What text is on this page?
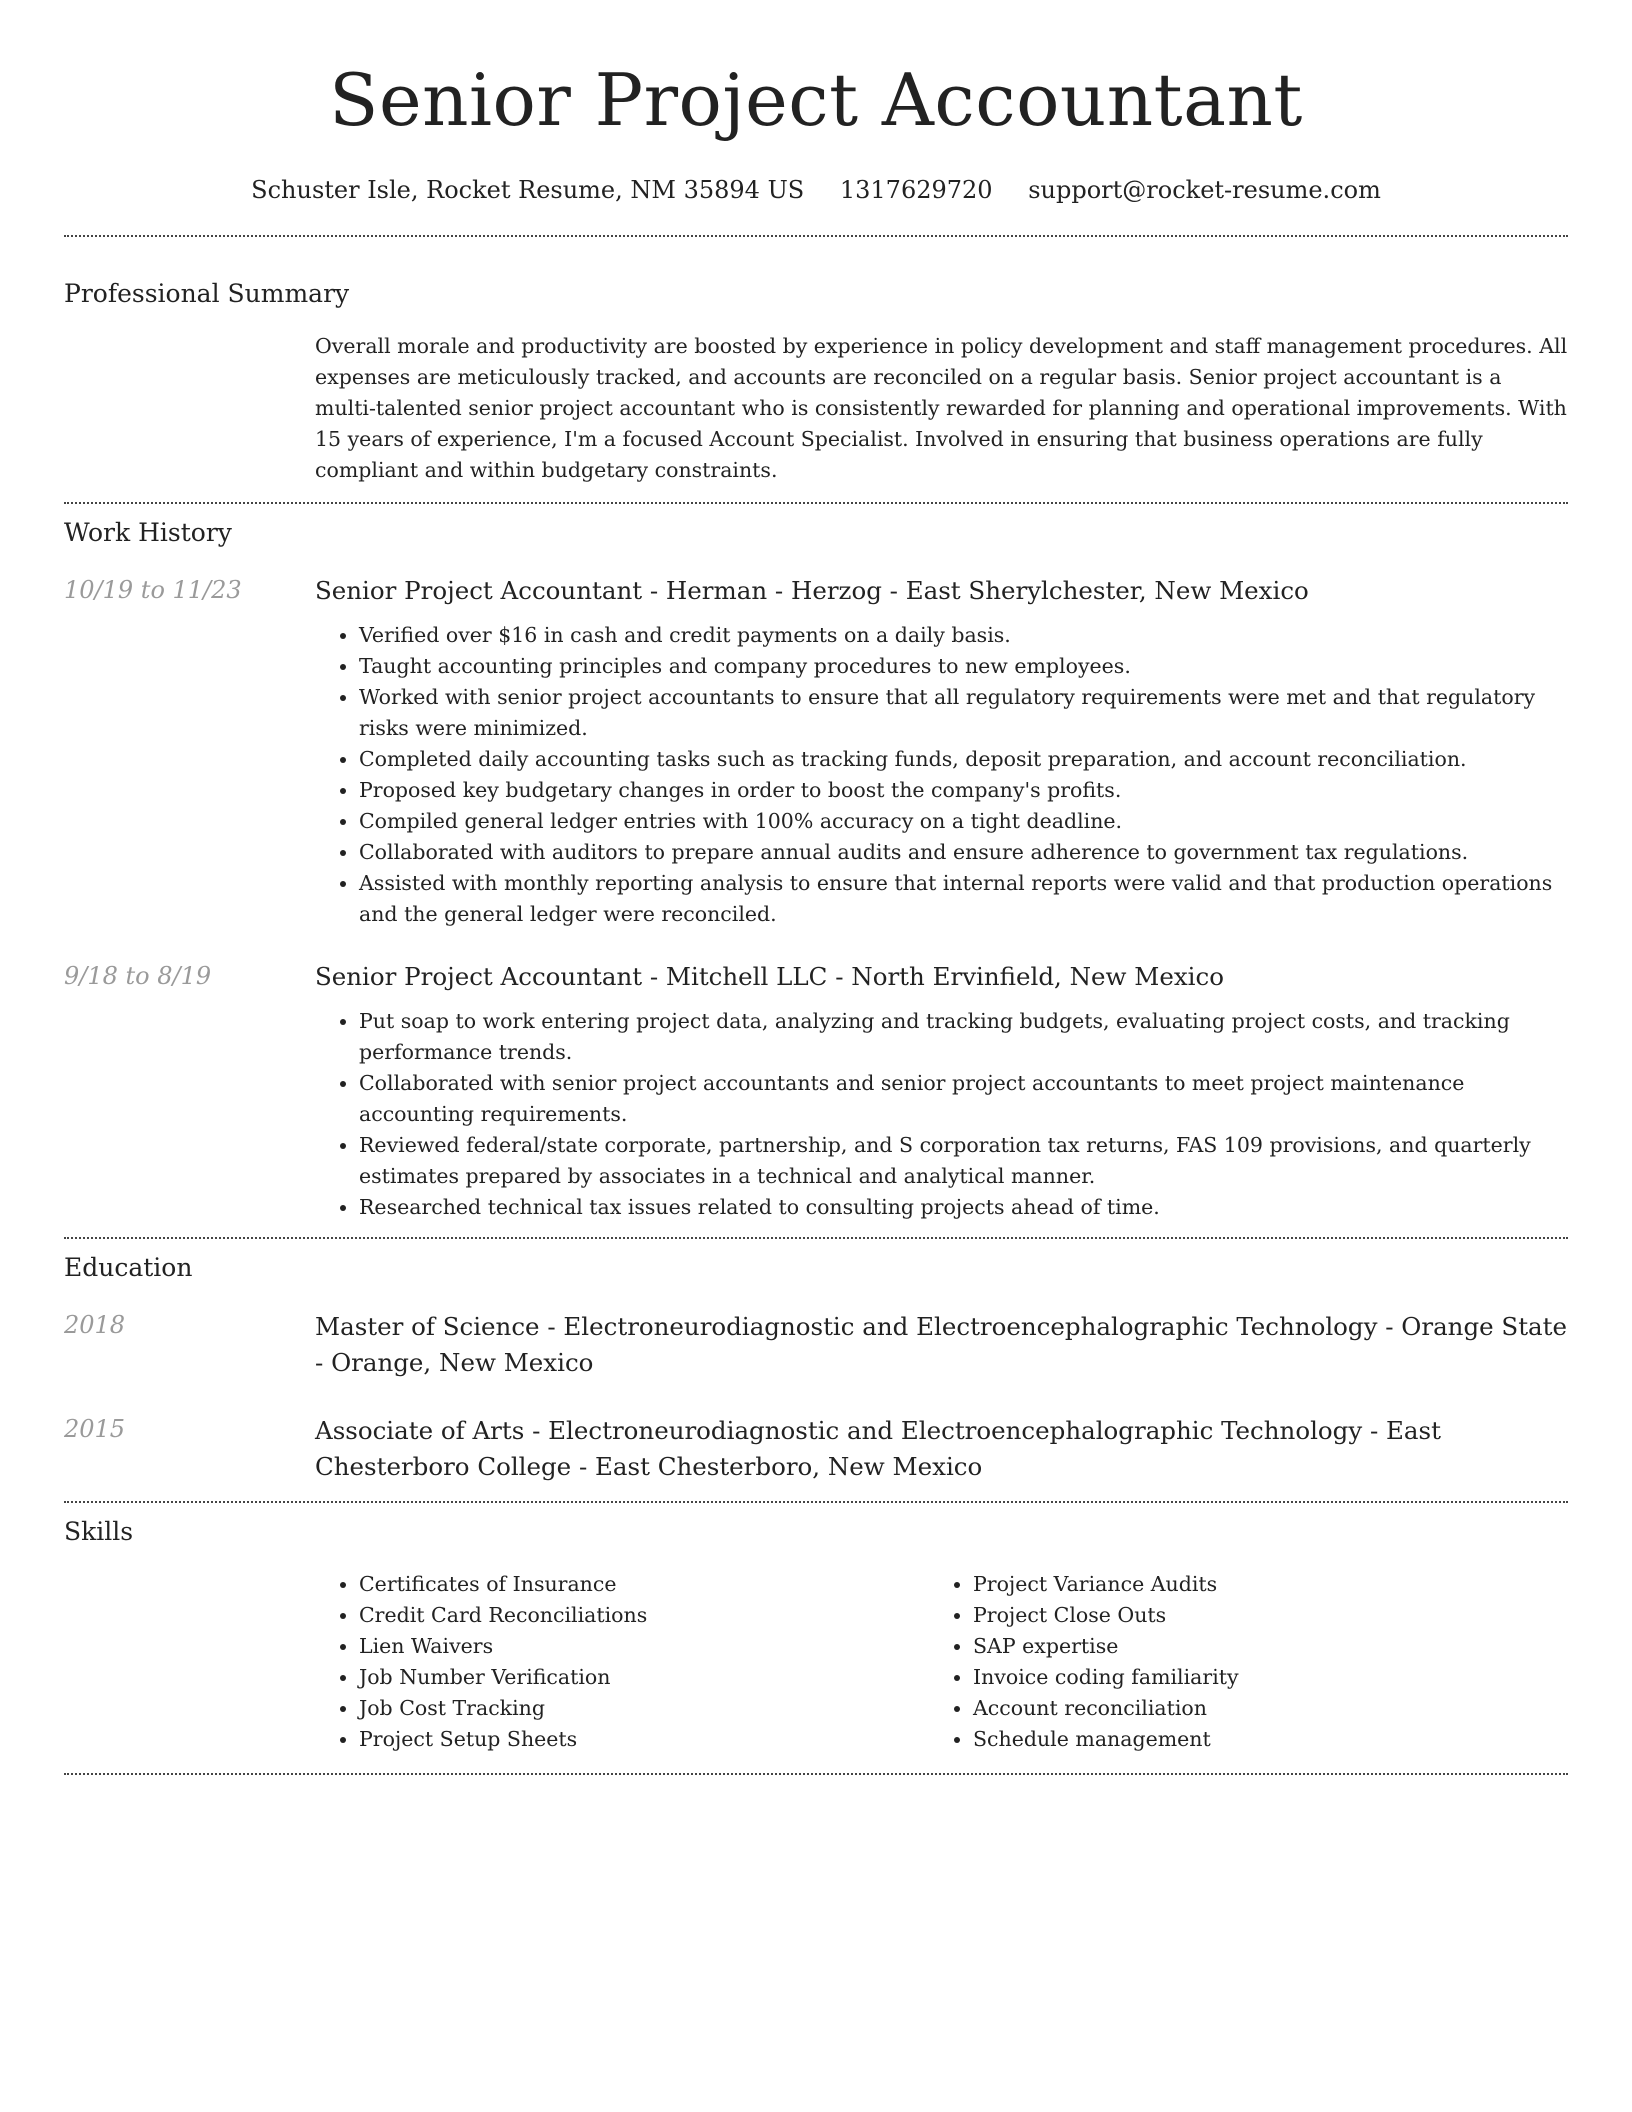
Senior Project Accountant
Schuster Isle, Rocket Resume, NM 35894 US 1317629720 support@rocket-resume.com
Professional Summary

Overall morale and productivity are boosted by experience in policy development and staff management procedures. All expenses are meticulously tracked, and accounts are reconciled on a regular basis. Senior project accountant is a multi-talented senior project accountant who is consistently rewarded for planning and operational improvements. With 15 years of experience, I'm a focused Account Specialist. Involved in ensuring that business operations are fully compliant and within budgetary constraints.

Work History
10/19 to 11/23	Senior Project Accountant - Herman - Herzog - East Sherylchester, New Mexico

• Verified over $16 in cash and credit payments on a daily basis.
• Taught accounting principles and company procedures to new employees.
• Worked with senior project accountants to ensure that all regulatory requirements were met and that regulatory risks were minimized.
• Completed daily accounting tasks such as tracking funds, deposit preparation, and account reconciliation.
• Proposed key budgetary changes in order to boost the company's profits.
• Compiled general ledger entries with 100% accuracy on a tight deadline.
• Collaborated with auditors to prepare annual audits and ensure adherence to government tax regulations.
• Assisted with monthly reporting analysis to ensure that internal reports were valid and that production operations and the general ledger were reconciled.
9/18 to 8/19	Senior Project Accountant - Mitchell LLC - North Ervinfield, New Mexico

• Put soap to work entering project data, analyzing and tracking budgets, evaluating project costs, and tracking performance trends.
• Collaborated with senior project accountants and senior project accountants to meet project maintenance accounting requirements.
• Reviewed federal/state corporate, partnership, and S corporation tax returns, FAS 109 provisions, and quarterly estimates prepared by associates in a technical and analytical manner.
• Researched technical tax issues related to consulting projects ahead of time.
Education
2018	Master of Science - Electroneurodiagnostic and Electroencephalographic Technology - Orange State - Orange, New Mexico

2015	Associate of Arts - Electroneurodiagnostic and Electroencephalographic Technology - East Chesterboro College - East Chesterboro, New Mexico

Skills
• Certificates of Insurance
• Credit Card Reconciliations
• Lien Waivers
• Job Number Verification
• Job Cost Tracking
• Project Setup Sheets
• Project Variance Audits
• Project Close Outs
• SAP expertise
• Invoice coding familiarity
• Account reconciliation
• Schedule management
